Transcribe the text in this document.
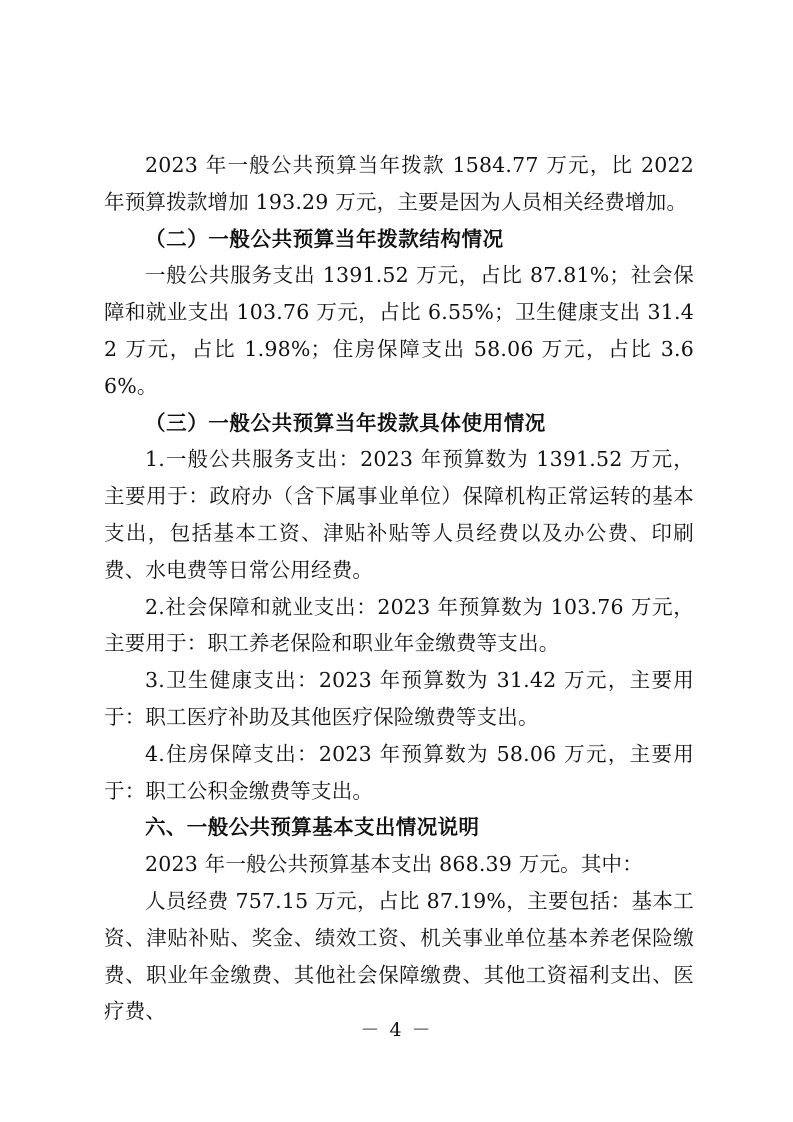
2023 年一般公共预算当年拨款 1584.77 万元，比 2022 年预算拨款增加 193.29 万元，主要是因为人员相关经费增加。

（二）一般公共预算当年拨款结构情况

一般公共服务支出 1391.52 万元，占比 87.81%；社会保障和就业支出 103.76 万元，占比 6.55%；卫生健康支出 31.42 万元，占比 1.98%；住房保障支出 58.06 万元，占比 3.66%。

（三）一般公共预算当年拨款具体使用情况

1.一般公共服务支出：2023 年预算数为 1391.52 万元，主要用于：政府办（含下属事业单位）保障机构正常运转的基本支出，包括基本工资、津贴补贴等人员经费以及办公费、印刷费、水电费等日常公用经费。

2.社会保障和就业支出：2023 年预算数为 103.76 万元，主要用于：职工养老保险和职业年金缴费等支出。

3.卫生健康支出：2023 年预算数为 31.42 万元，主要用于：职工医疗补助及其他医疗保险缴费等支出。

4.住房保障支出：2023 年预算数为 58.06 万元，主要用于：职工公积金缴费等支出。

六、一般公共预算基本支出情况说明

2023 年一般公共预算基本支出 868.39 万元。其中：

人员经费 757.15 万元，占比 87.19%，主要包括：基本工资、津贴补贴、奖金、绩效工资、机关事业单位基本养老保险缴费、职业年金缴费、其他社会保障缴费、其他工资福利支出、医疗费、

－ 4 －
